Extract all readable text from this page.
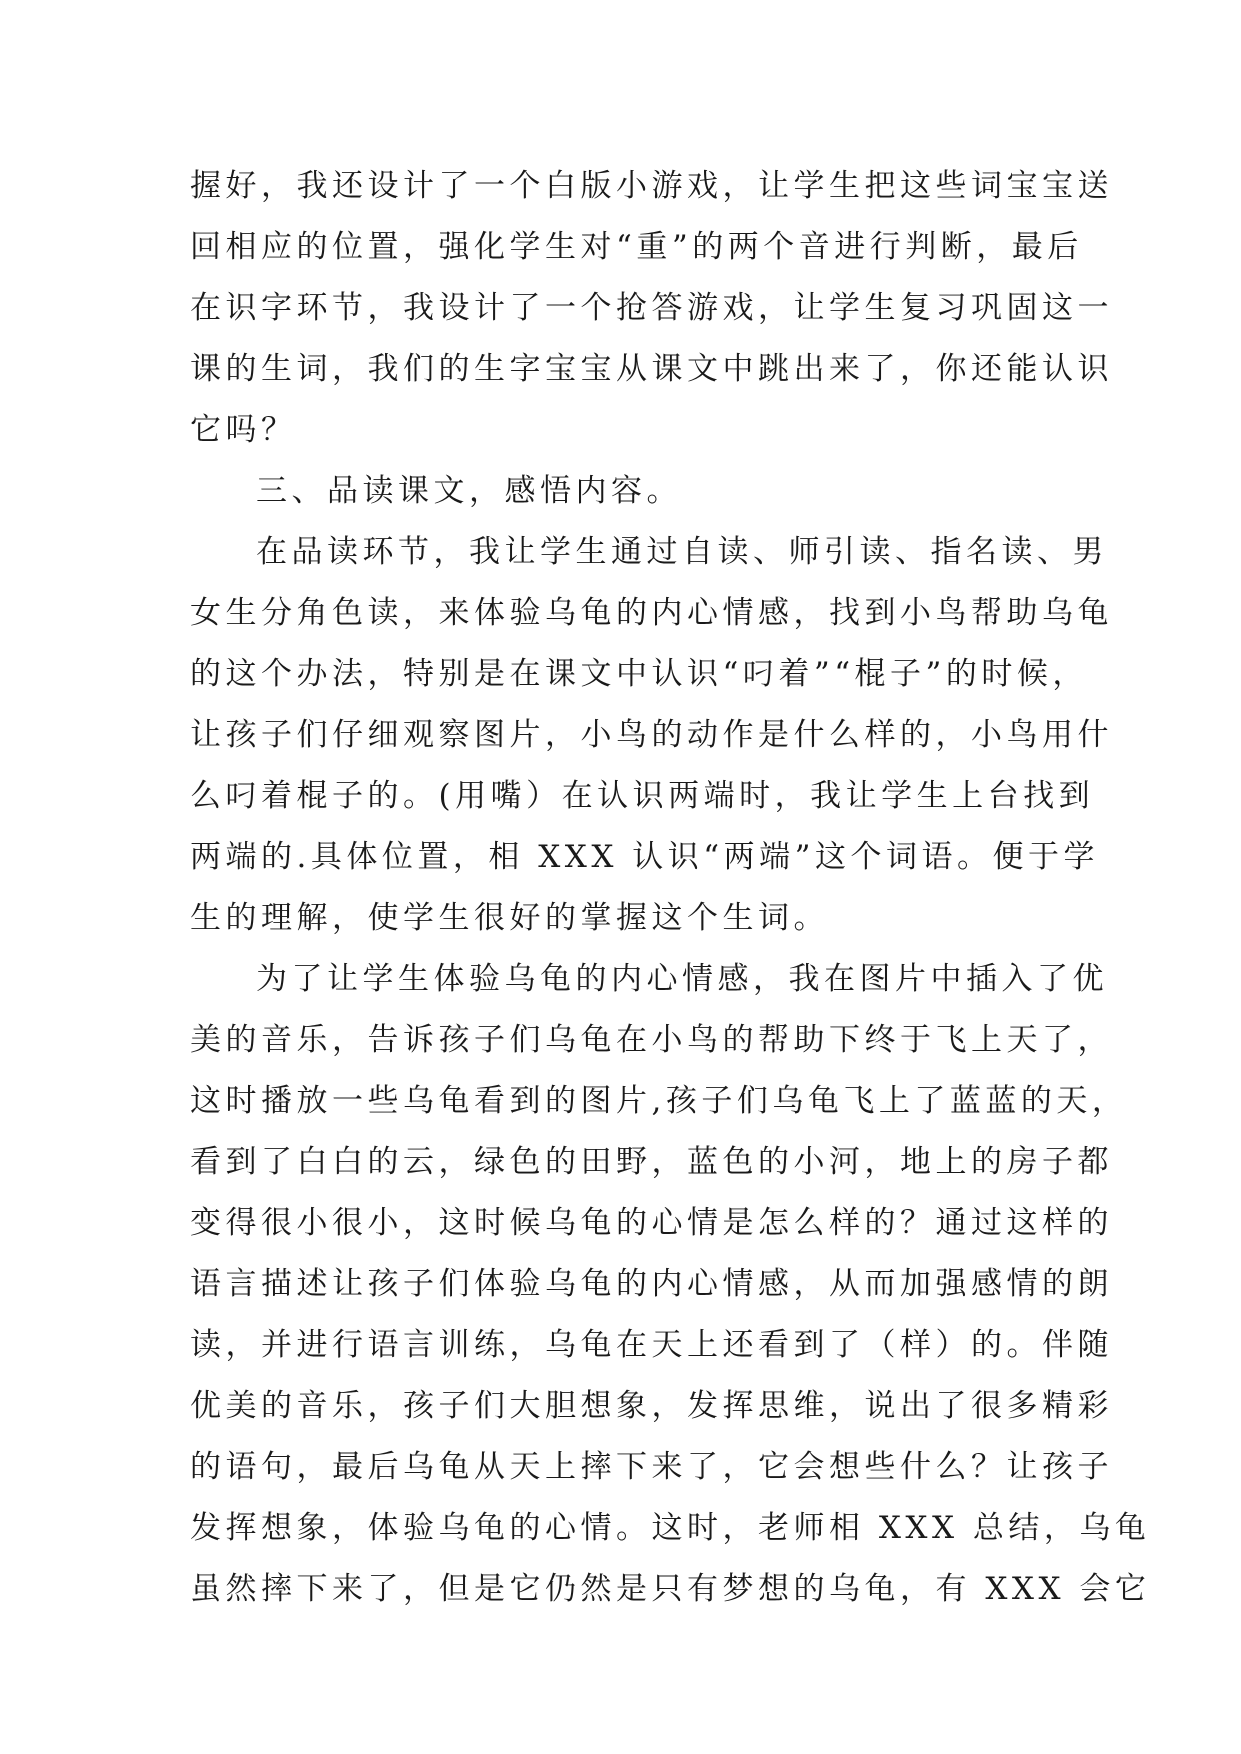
握好，我还设计了一个白版小游戏，让学生把这些词宝宝送
回相应的位置，强化学生对“重”的两个音进行判断，最后
在识字环节，我设计了一个抢答游戏，让学生复习巩固这一
课的生词，我们的生字宝宝从课文中跳出来了，你还能认识
它吗？
三、品读课文，感悟内容。
在品读环节，我让学生通过自读、师引读、指名读、男
女生分角色读，来体验乌龟的内心情感，找到小鸟帮助乌龟
的这个办法，特别是在课文中认识“叼着”“棍子”的时候，
让孩子们仔细观察图片，小鸟的动作是什么样的，小鸟用什
么叼着棍子的。(用嘴）在认识两端时，我让学生上台找到
两端的.具体位置，相 XXX 认识“两端”这个词语。便于学
生的理解，使学生很好的掌握这个生词。
为了让学生体验乌龟的内心情感，我在图片中插入了优
美的音乐，告诉孩子们乌龟在小鸟的帮助下终于飞上天了，
这时播放一些乌龟看到的图片,孩子们乌龟飞上了蓝蓝的天，
看到了白白的云，绿色的田野，蓝色的小河，地上的房子都
变得很小很小，这时候乌龟的心情是怎么样的？通过这样的
语言描述让孩子们体验乌龟的内心情感，从而加强感情的朗
读，并进行语言训练，乌龟在天上还看到了（样）的。伴随
优美的音乐，孩子们大胆想象，发挥思维，说出了很多精彩
的语句，最后乌龟从天上摔下来了，它会想些什么？让孩子
发挥想象，体验乌龟的心情。这时，老师相 XXX 总结，乌龟
虽然摔下来了，但是它仍然是只有梦想的乌龟，有 XXX 会它
